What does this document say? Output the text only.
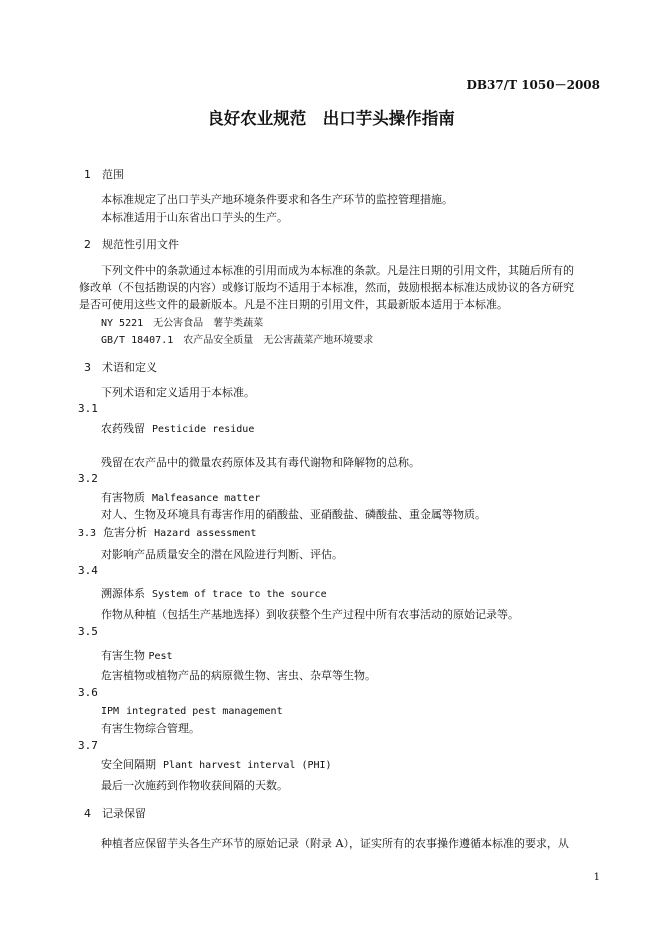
DB37/T 1050－2008
良好农业规范　出口芋头操作指南
1 范围
本标准规定了出口芋头产地环境条件要求和各生产环节的监控管理措施。
本标准适用于山东省出口芋头的生产。
2 规范性引用文件
下列文件中的条款通过本标准的引用而成为本标准的条款。凡是注日期的引用文件，其随后所有的
修改单（不包括勘误的内容）或修订版均不适用于本标准，然而，鼓励根据本标准达成协议的各方研究
是否可使用这些文件的最新版本。凡是不注日期的引用文件，其最新版本适用于本标准。
NY 5221　无公害食品　薯芋类蔬菜
GB/T 18407.1　农产品安全质量　无公害蔬菜产地环境要求
3 术语和定义
下列术语和定义适用于本标准。
3.1
农药残留 Pesticide residue
残留在农产品中的微量农药原体及其有毒代谢物和降解物的总称。
3.2
有害物质 Malfeasance matter
对人、生物及环境具有毒害作用的硝酸盐、亚硝酸盐、磷酸盐、重金属等物质。
3.3 危害分析 Hazard assessment
对影响产品质量安全的潜在风险进行判断、评估。
3.4
溯源体系 System of trace to the source
作物从种植（包括生产基地选择）到收获整个生产过程中所有农事活动的原始记录等。
3.5
有害生物 Pest
危害植物或植物产品的病原微生物、害虫、杂草等生物。
3.6
IPM integrated pest management
有害生物综合管理。
3.7
安全间隔期 Plant harvest interval (PHI)
最后一次施药到作物收获间隔的天数。
4 记录保留
种植者应保留芋头各生产环节的原始记录（附录 A），证实所有的农事操作遵循本标准的要求，从
1
